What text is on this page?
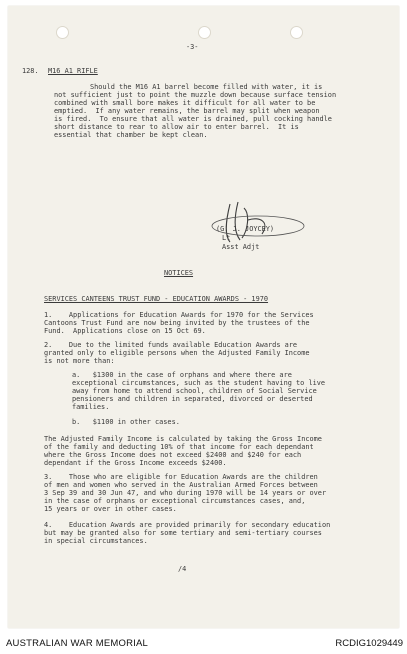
-3-
128. M16 A1 RIFLE
Should the M16 A1 barrel become filled with water, it is
not sufficient just to point the muzzle down because surface tension
combined with small bore makes it difficult for all water to be
emptied.  If any water remains, the barrel may split when weapon
is fired.  To ensure that all water is drained, pull cocking handle
short distance to rear to allow air to enter barrel.  It is
essential that chamber be kept clean.
(G. J. JOYCEY)
Lt
Asst Adjt
NOTICES
SERVICES CANTEENS TRUST FUND - EDUCATION AWARDS - 1970
1.    Applications for Education Awards for 1970 for the Services
Cantoons Trust Fund are now being invited by the trustees of the
Fund.  Applications close on 15 Oct 69.
2.    Due to the limited funds available Education Awards are
granted only to eligible persons when the Adjusted Family Income
is not more than:
a.   $1300 in the case of orphans and where there are
exceptional circumstances, such as the student having to live
away from home to attend school, children of Social Service
pensioners and children in separated, divorced or deserted
families.
b.   $1100 in other cases.
The Adjusted Family Income is calculated by taking the Gross Income
of the family and deducting 10% of that income for each dependant
where the Gross Income does not exceed $2400 and $240 for each
dependant if the Gross Income exceeds $2400.
3.    Those who are eligible for Education Awards are the children
of men and women who served in the Australian Armed Forces between
3 Sep 39 and 30 Jun 47, and who during 1970 will be 14 years or over
in the case of orphans or exceptional circumstances cases, and,
15 years or over in other cases.
4.    Education Awards are provided primarily for secondary education
but may be granted also for some tertiary and semi-tertiary courses
in special circumstances.
/4
AUSTRALIAN WAR MEMORIAL	RCDIG1029449
